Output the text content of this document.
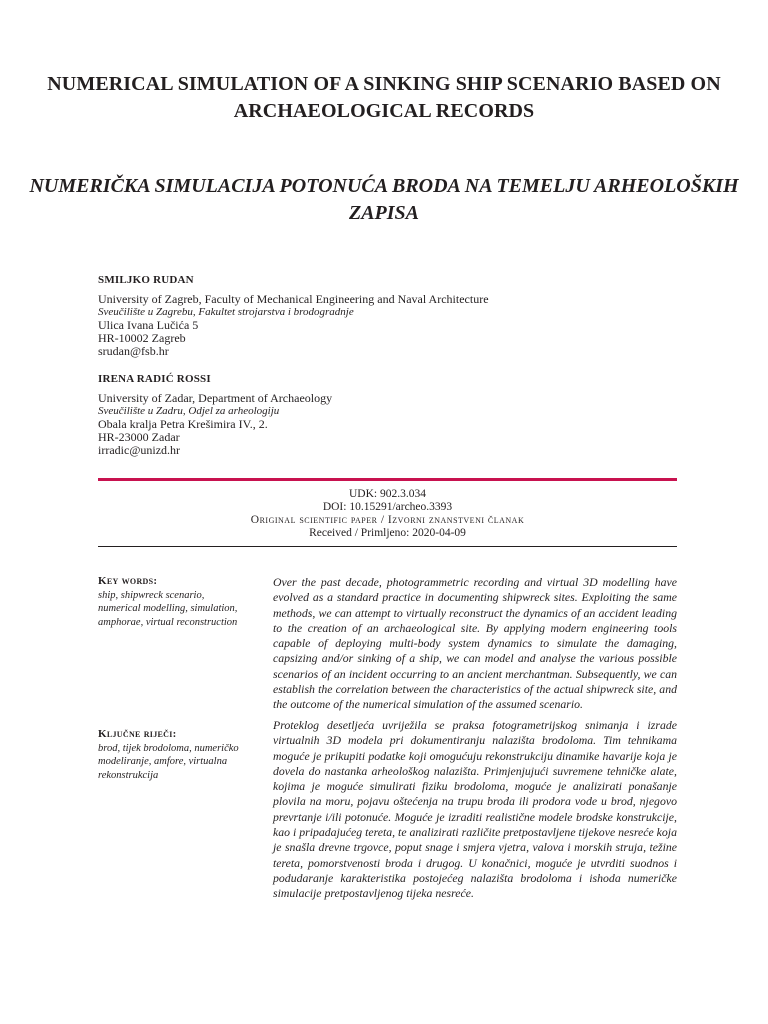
NUMERICAL SIMULATION OF A SINKING SHIP SCENARIO BASED ON ARCHAEOLOGICAL RECORDS
NUMERIČKA SIMULACIJA POTONUĆA BRODA NA TEMELJU ARHEOLOŠKIH ZAPISA
SMILJKO RUDAN
University of Zagreb, Faculty of Mechanical Engineering and Naval Architecture
Sveučilište u Zagrebu, Fakultet strojarstva i brodogradnje
Ulica Ivana Lučića 5
HR-10002 Zagreb
srudan@fsb.hr
IRENA RADIĆ ROSSI
University of Zadar, Department of Archaeology
Sveučilište u Zadru, Odjel za arheologiju
Obala kralja Petra Krešimira IV., 2.
HR-23000 Zadar
irradic@unizd.hr
UDK: 902.3.034
DOI: 10.15291/archeo.3393
Original scientific paper / Izvorni znanstveni članak
Received / Primljeno: 2020-04-09
Key words:
ship, shipwreck scenario, numerical modelling, simulation, amphorae, virtual reconstruction
Over the past decade, photogrammetric recording and virtual 3D modelling have evolved as a standard practice in documenting shipwreck sites. Exploiting the same methods, we can attempt to virtually reconstruct the dynamics of an accident leading to the creation of an archaeological site. By applying modern engineering tools capable of deploying multi-body system dynamics to simulate the damaging, capsizing and/or sinking of a ship, we can model and analyse the various possible scenarios of an incident occurring to an ancient merchantman. Subsequently, we can establish the correlation between the characteristics of the actual shipwreck site, and the outcome of the numerical simulation of the assumed scenario.
Ključne riječi:
brod, tijek brodoloma, numeričko modeliranje, amfore, virtualna rekonstrukcija
Proteklog desetljeća uvriježila se praksa fotogrametrijskog snimanja i izrade virtualnih 3D modela pri dokumentiranju nalazišta brodoloma. Tim tehnikama moguće je prikupiti podatke koji omogućuju rekonstrukciju dinamike havarije koja je dovela do nastanka arheološkog nalazišta. Primjenjujući suvremene tehničke alate, kojima je moguće simulirati fiziku brodoloma, moguće je analizirati ponašanje plovila na moru, pojavu oštećenja na trupu broda ili prodora vode u brod, njegovo prevrtanje i/ili potonuće. Moguće je izraditi realistične modele brodske konstrukcije, kao i pripadajućeg tereta, te analizirati različite pretpostavljene tijekove nesreće koja je snašla drevne trgovce, poput snage i smjera vjetra, valova i morskih struja, težine tereta, pomorstvenosti broda i drugog. U konačnici, moguće je utvrditi suodnos i podudaranje karakteristika postojećeg nalazišta brodoloma i ishoda numeričke simulacije pretpostavljenog tijeka nesreće.
